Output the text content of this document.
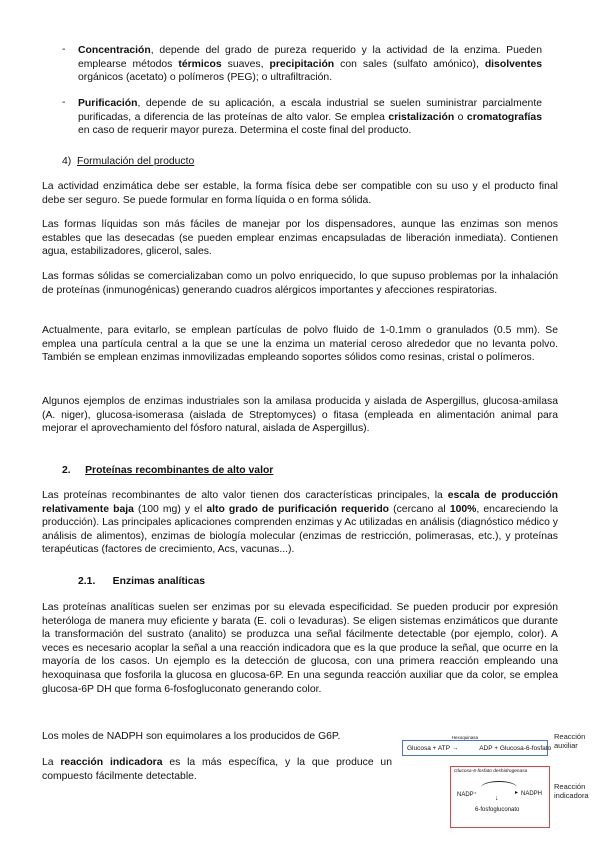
- Concentración, depende del grado de pureza requerido y la actividad de la enzima. Pueden emplearse métodos térmicos suaves, precipitación con sales (sulfato amónico), disolventes orgánicos (acetato) o polímeros (PEG); o ultrafiltración.

- Purificación, depende de su aplicación, a escala industrial se suelen suministrar parcialmente purificadas, a diferencia de las proteínas de alto valor. Se emplea cristalización o cromatografías en caso de requerir mayor pureza. Determina el coste final del producto.

4) Formulación del producto

La actividad enzimática debe ser estable, la forma física debe ser compatible con su uso y el producto final debe ser seguro. Se puede formular en forma líquida o en forma sólida.

Las formas líquidas son más fáciles de manejar por los dispensadores, aunque las enzimas son menos estables que las desecadas (se pueden emplear enzimas encapsuladas de liberación inmediata). Contienen agua, estabilizadores, glicerol, sales.

Las formas sólidas se comercializaban como un polvo enriquecido, lo que supuso problemas por la inhalación de proteínas (inmunogénicas) generando cuadros alérgicos importantes y afecciones respiratorias.

Actualmente, para evitarlo, se emplean partículas de polvo fluido de 1-0.1mm o granulados (0.5 mm). Se emplea una partícula central a la que se une la enzima un material ceroso alrededor que no levanta polvo. También se emplean enzimas inmovilizadas empleando soportes sólidos como resinas, cristal o polímeros.

Algunos ejemplos de enzimas industriales son la amilasa producida y aislada de Aspergillus, glucosa-amilasa (A. niger), glucosa-isomerasa (aislada de Streptomyces) o fitasa (empleada en alimentación animal para mejorar el aprovechamiento del fósforo natural, aislada de Aspergillus).

2. Proteínas recombinantes de alto valor

Las proteínas recombinantes de alto valor tienen dos características principales, la escala de producción relativamente baja (100 mg) y el alto grado de purificación requerido (cercano al 100%, encareciendo la producción). Las principales aplicaciones comprenden enzimas y Ac utilizadas en análisis (diagnóstico médico y análisis de alimentos), enzimas de biología molecular (enzimas de restricción, polimerasas, etc.), y proteínas terapéuticas (factores de crecimiento, Acs, vacunas...).

2.1. Enzimas analíticas

Las proteínas analíticas suelen ser enzimas por su elevada especificidad. Se pueden producir por expresión heteróloga de manera muy eficiente y barata (E. coli o levaduras). Se eligen sistemas enzimáticos que durante la transformación del sustrato (analito) se produzca una señal fácilmente detectable (por ejemplo, color). A veces es necesario acoplar la señal a una reacción indicadora que es la que produce la señal, que ocurre en la mayoría de los casos. Un ejemplo es la detección de glucosa, con una primera reacción empleando una hexoquinasa que fosforila la glucosa en glucosa-6P. En una segunda reacción auxiliar que da color, se emplea glucosa-6P DH que forma 6-fosfogluconato generando color.

Los moles de NADPH son equimolares a los producidos de G6P.

La reacción indicadora es la más específica, y la que produce un compuesto fácilmente detectable.

Glucosa + ATP
Hexoquinasa
→	ADP + Glucosa-6-fosfato
Reacción auxiliar
Glucosa-6-fosfato deshidrogenasa
NADP⁺	▸ NADPH
↓
6-fosfogluconato
Reacción indicadora
